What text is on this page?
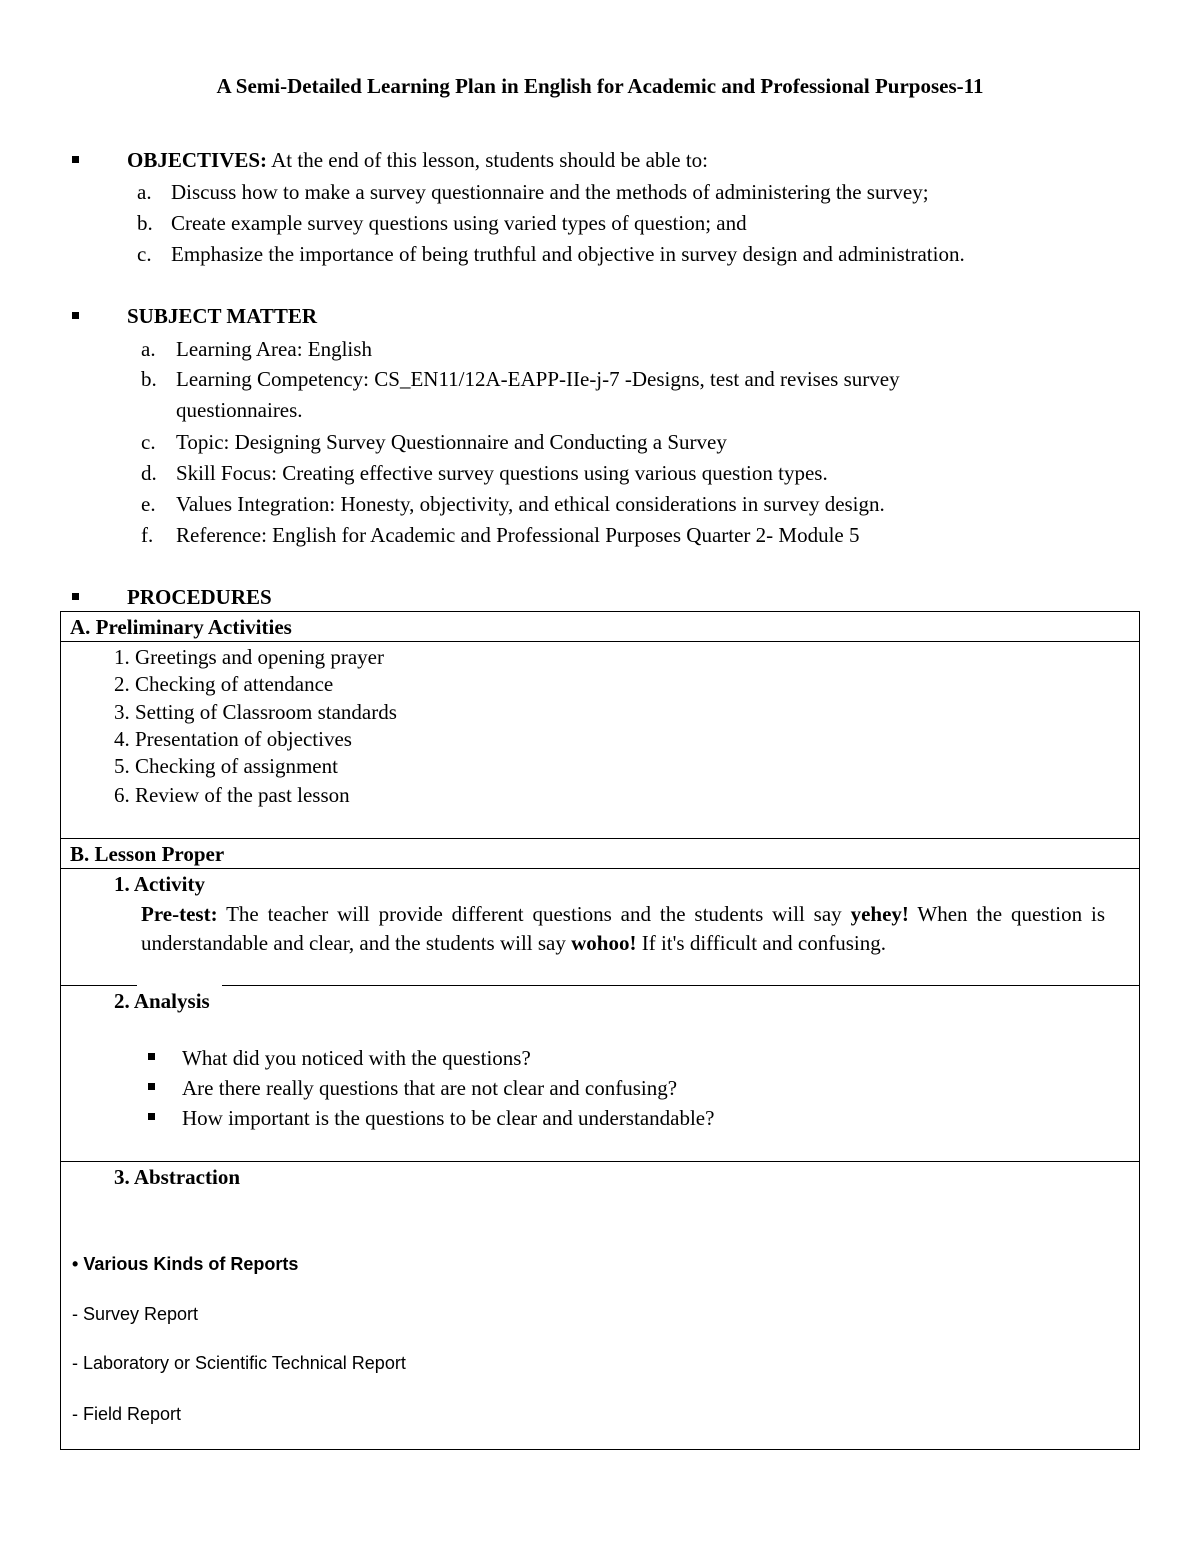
A Semi-Detailed Learning Plan in English for Academic and Professional Purposes-11
OBJECTIVES: At the end of this lesson, students should be able to:
a. Discuss how to make a survey questionnaire and the methods of administering the survey;
b. Create example survey questions using varied types of question; and
c. Emphasize the importance of being truthful and objective in survey design and administration.
SUBJECT MATTER
a. Learning Area: English
b. Learning Competency: CS_EN11/12A-EAPP-IIe-j-7 -Designs, test and revises survey
questionnaires.
c. Topic: Designing Survey Questionnaire and Conducting a Survey
d. Skill Focus: Creating effective survey questions using various question types.
e. Values Integration: Honesty, objectivity, and ethical considerations in survey design.
f.	Reference: English for Academic and Professional Purposes Quarter 2- Module 5
PROCEDURES
A. Preliminary Activities
1. Greetings and opening prayer
2. Checking of attendance
3. Setting of Classroom standards
4. Presentation of objectives
5. Checking of assignment
6. Review of the past lesson
B. Lesson Proper
1. Activity
Pre-test: The teacher will provide different questions and the students will say yehey! When the question is understandable and clear, and the students will say wohoo! If it's difficult and confusing.
2. Analysis
What did you noticed with the questions?
Are there really questions that are not clear and confusing?
How important is the questions to be clear and understandable?
3. Abstraction
• Various Kinds of Reports
- Survey Report
- Laboratory or Scientific Technical Report
- Field Report
